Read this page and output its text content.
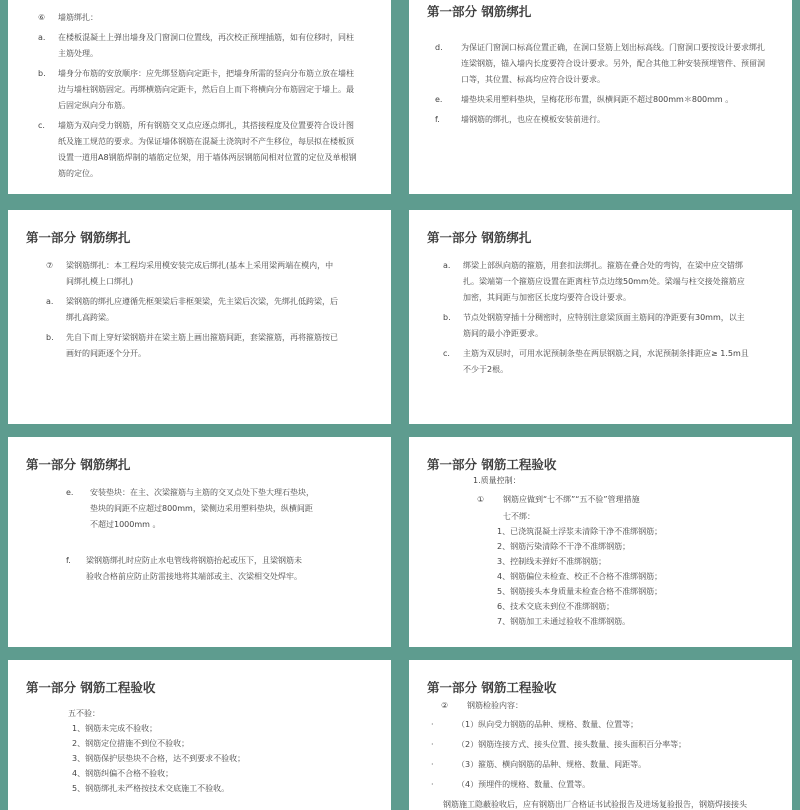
⑥	墙筋绑扎：
a.	在楼板混凝土上弹出墙身及门窗洞口位置线，再次校正预埋插筋，如有位移时，同柱
主筋处理。
b.	墙身分布筋的安放顺序：应先绑竖筋向定距卡，把墙身所需的竖向分布筋立放在墙柱
边与墙柱钢筋固定。再绑横筋向定距卡，然后自上而下将横向分布筋固定于墙上。最
后固定纵向分布筋。
c.	墙筋为双向受力钢筋，所有钢筋交叉点应逐点绑扎，其搭接程度及位置要符合设计图
纸及施工规范的要求。为保证墙体钢筋在混凝土浇筑时不产生移位，每层拟在楼板顶
设置一道用A8钢筋焊制的墙筋定位架，用于墙体两层钢筋间相对位置的定位及单根钢
筋的定位。
第一部分 钢筋绑扎
d.	为保证门窗洞口标高位置正确，在洞口竖筋上划出标高线。门窗洞口要按设计要求绑扎
连梁钢筋，锚入墙内长度要符合设计要求。另外，配合其他工种安装预埋管件、预留洞
口等，其位置、标高均应符合设计要求。
e.	墙垫块采用塑料垫块，呈梅花形布置，纵横间距不超过800mm＊800mm 。
f.	墙钢筋的绑扎，也应在模板安装前进行。
第一部分 钢筋绑扎
⑦	梁钢筋绑扎：本工程均采用模安装完成后绑扎(基本上采用梁两端在模内，中
间绑扎模上口绑扎)
a.	梁钢筋的绑扎应遵循先框架梁后非框架梁，先主梁后次梁，先绑扎低跨梁，后
绑扎高跨梁。
b.	先自下而上穿好梁钢筋并在梁主筋上画出箍筋间距，套梁箍筋，再将箍筋按已
画好的间距逐个分开。
第一部分 钢筋绑扎
a.	绑梁上部纵向筋的箍筋，用套扣法绑扎。箍筋在叠合处的弯钩，在梁中应交错绑
扎。梁端第一个箍筋应设置在距离柱节点边缘50mm处。梁端与柱交接处箍筋应
加密，其间距与加密区长度均要符合设计要求。
b.	节点处钢筋穿插十分稠密时，应特别注意梁顶面主筋间的净距要有30mm，以主
筋间的最小净距要求。
c.	主筋为双层时，可用水泥预制条垫在两层钢筋之间，水泥预制条排距应≥ 1.5m且
不少于2根。
第一部分 钢筋绑扎
e.	安装垫块：在主、次梁箍筋与主筋的交叉点处下垫大理石垫块，
垫块的间距不应超过800mm，梁侧边采用塑料垫块，纵横间距
不超过1000mm 。
f.	梁钢筋绑扎时应防止水电管线将钢筋抬起或压下，且梁钢筋未
验收合格前应防止防雷接地将其端部或主、次梁相交处焊牢。
第一部分 钢筋工程验收
1.质量控制：
① 钢筋应做到“七不绑”“五不验”管理措施
七不绑：
1、已浇筑混凝土浮浆未清除干净不准绑钢筋；
2、钢筋污染清除不干净不准绑钢筋；
3、控制线未弹好不准绑钢筋；
4、钢筋偏位未检查、校正不合格不准绑钢筋；
5、钢筋接头本身质量未检查合格不准绑钢筋；
6、技术交底未到位不准绑钢筋；
7、钢筋加工未通过验收不准绑钢筋。
第一部分 钢筋工程验收
五不验：
1、钢筋未完成不验收；
2、钢筋定位措施不到位不验收；
3、钢筋保护层垫块不合格，达不到要求不验收；
4、钢筋纠偏不合格不验收；
5、钢筋绑扎未严格按技术交底施工不验收。
第一部分 钢筋工程验收
② 钢筋检验内容：
·	（1）纵向受力钢筋的品种、规格、数量、位置等；
·	（2）钢筋连接方式、接头位置、接头数量、接头面积百分率等；
·	（3）箍筋、横向钢筋的品种、规格、数量、间距等。
·	（4）预埋件的规格、数量、位置等。
钢筋施工隐蔽验收后，应有钢筋出厂合格证书试验报告及进场复验报告，钢筋焊接接头
